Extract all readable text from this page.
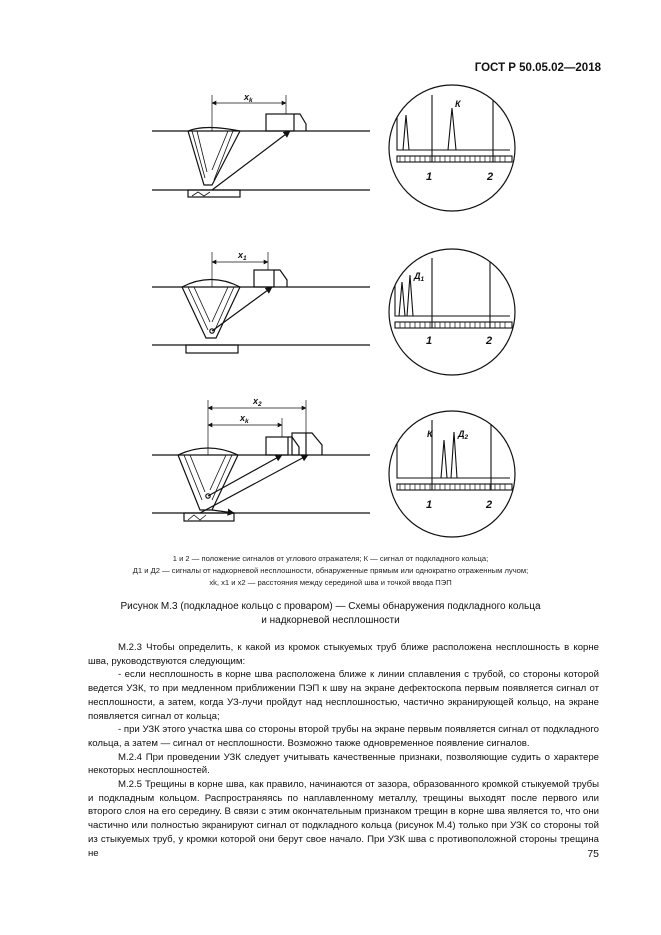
ГОСТ Р 50.05.02—2018
$x_k$	К
1	2
$x_1$
$Д_1$
1	2
$x_2$
$x_k$
К	$Д_2$
1	2
1 и 2 — положение сигналов от углового отражателя; К — сигнал от подкладного кольца;
Д1 и Д2 — сигналы от надкорневой несплошности, обнаруженные прямым или однократно отраженным лучом;
xk, x1 и x2 — расстояния между серединой шва и точкой ввода ПЭП
Рисунок М.3 (подкладное кольцо с проваром) — Схемы обнаружения подкладного кольца
и надкорневой несплошности

М.2.3 Чтобы определить, к какой из кромок стыкуемых труб ближе расположена несплошность в корне шва, руководствуются следующим:

- если несплошность в корне шва расположена ближе к линии сплавления с трубой, со стороны которой ведется УЗК, то при медленном приближении ПЭП к шву на экране дефектоскопа первым появляется сигнал от несплошности, а затем, когда УЗ-лучи пройдут над несплошностью, частично экранирующей кольцо, на экране появляется сигнал от кольца;

- при УЗК этого участка шва со стороны второй трубы на экране первым появляется сигнал от подкладного кольца, а затем — сигнал от несплошности. Возможно также одновременное появление сигналов.

М.2.4 При проведении УЗК следует учитывать качественные признаки, позволяющие судить о характере некоторых несплошностей.

М.2.5 Трещины в корне шва, как правило, начинаются от зазора, образованного кромкой стыкуемой трубы и подкладным кольцом. Распространяясь по наплавленному металлу, трещины выходят после первого или второго слоя на его середину. В связи с этим окончательным признаком трещин в корне шва является то, что они частично или полностью экранируют сигнал от подкладного кольца (рисунок М.4) только при УЗК со стороны той из стыкуемых труб, у кромки которой они берут свое начало. При УЗК шва с противоположной стороны трещина не	75
